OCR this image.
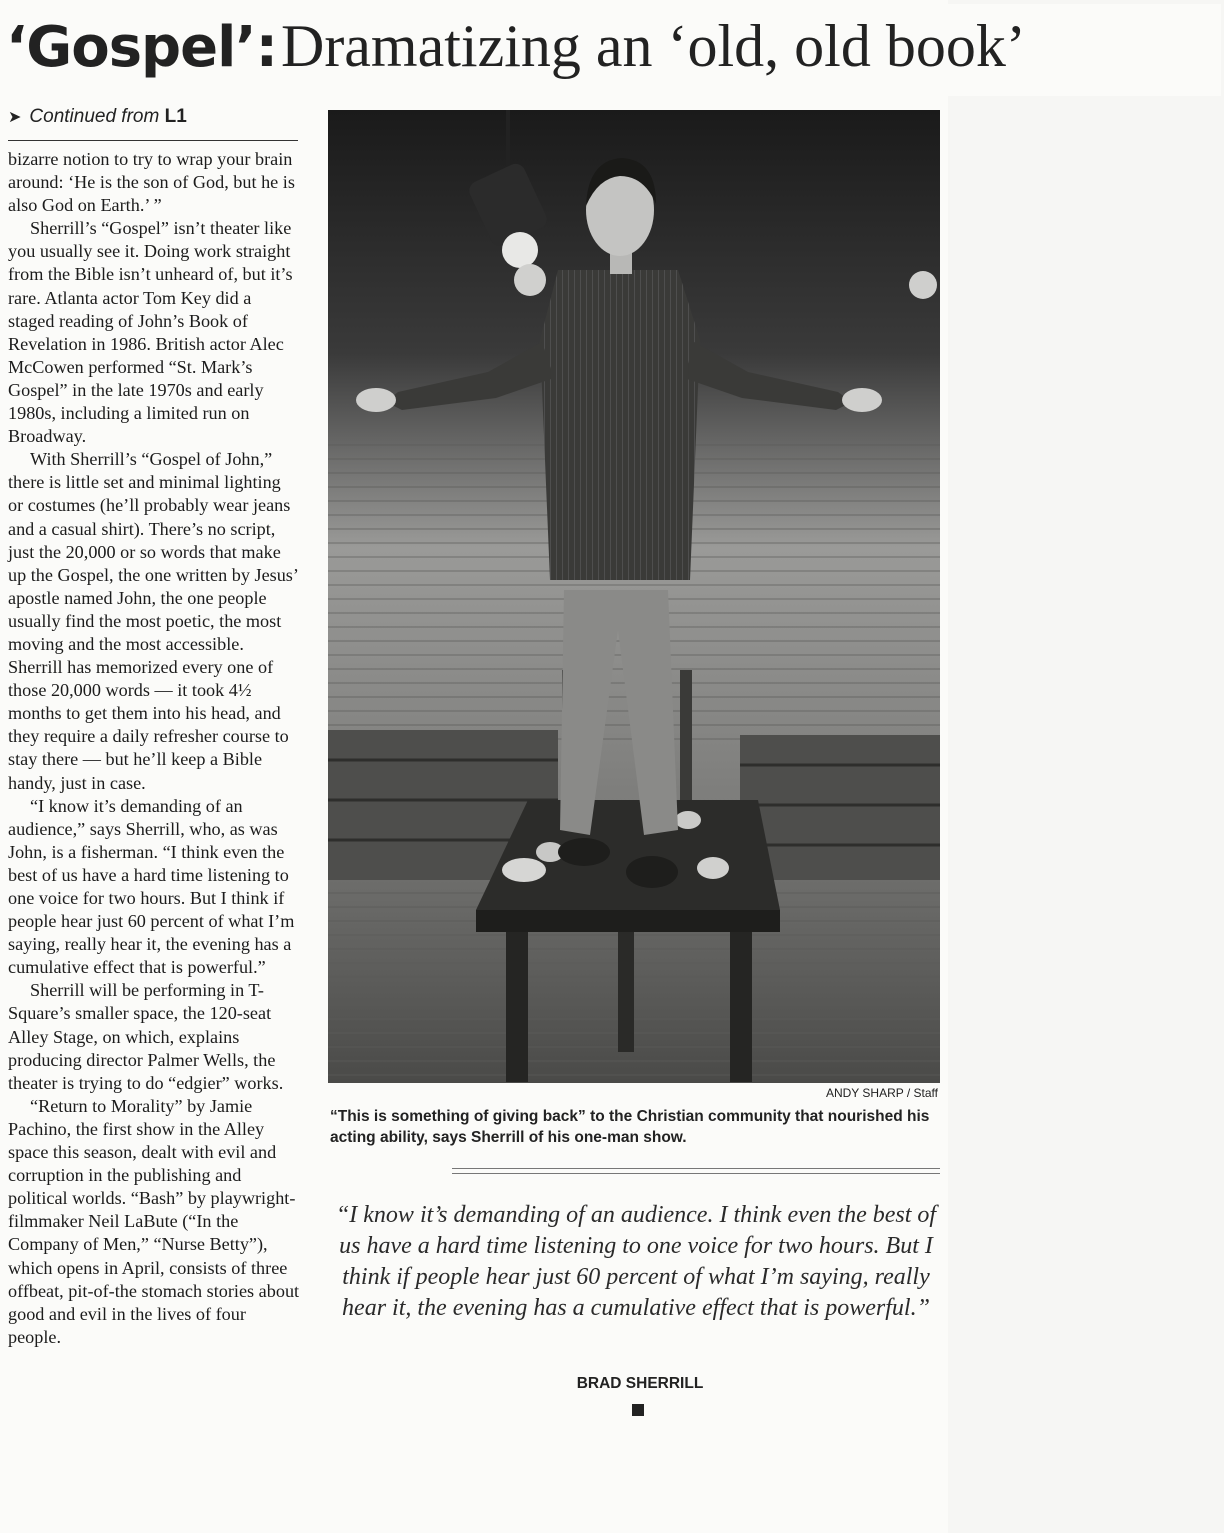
‘Gospel’: Dramatizing an ‘old, old book’
➤ Continued from L1

bizarre notion to try to wrap your brain around: ‘He is the son of God, but he is also God on Earth.’ ”

Sherrill’s “Gospel” isn’t theater like you usually see it. Doing work straight from the Bible isn’t unheard of, but it’s rare. Atlanta actor Tom Key did a staged reading of John’s Book of Revelation in 1986. British actor Alec McCowen performed “St. Mark’s Gospel” in the late 1970s and early 1980s, including a limited run on Broadway.

With Sherrill’s “Gospel of John,” there is little set and minimal lighting or costumes (he’ll probably wear jeans and a casual shirt). There’s no script, just the 20,000 or so words that make up the Gospel, the one written by Jesus’ apostle named John, the one people usually find the most poetic, the most moving and the most accessible. Sherrill has memorized every one of those 20,000 words — it took 4½ months to get them into his head, and they require a daily refresher course to stay there — but he’ll keep a Bible handy, just in case.

“I know it’s demanding of an audience,” says Sherrill, who, as was John, is a fisherman. “I think even the best of us have a hard time listening to one voice for two hours. But I think if people hear just 60 percent of what I’m saying, really hear it, the evening has a cumulative effect that is powerful.”

Sherrill will be performing in T-Square’s smaller space, the 120-seat Alley Stage, on which, explains producing director Palmer Wells, the theater is trying to do “edgier” works.

“Return to Morality” by Jamie Pachino, the first show in the Alley space this season, dealt with evil and corruption in the publishing and political worlds. “Bash” by playwright-filmmaker Neil LaBute (“In the Company of Men,” “Nurse Betty”), which opens in April, consists of three offbeat, pit-of-the stomach stories about good and evil in the lives of four people.

ANDY SHARP / Staff
“This is something of giving back” to the Christian community that nourished his acting ability, says Sherrill of his one-man show.
“I know it’s demanding of an audience. I think even the best of us have a hard time listening to one voice for two hours. But I think if people hear just 60 percent of what I’m saying, really hear it, the evening has a cumulative effect that is powerful.”
BRAD SHERRILL
